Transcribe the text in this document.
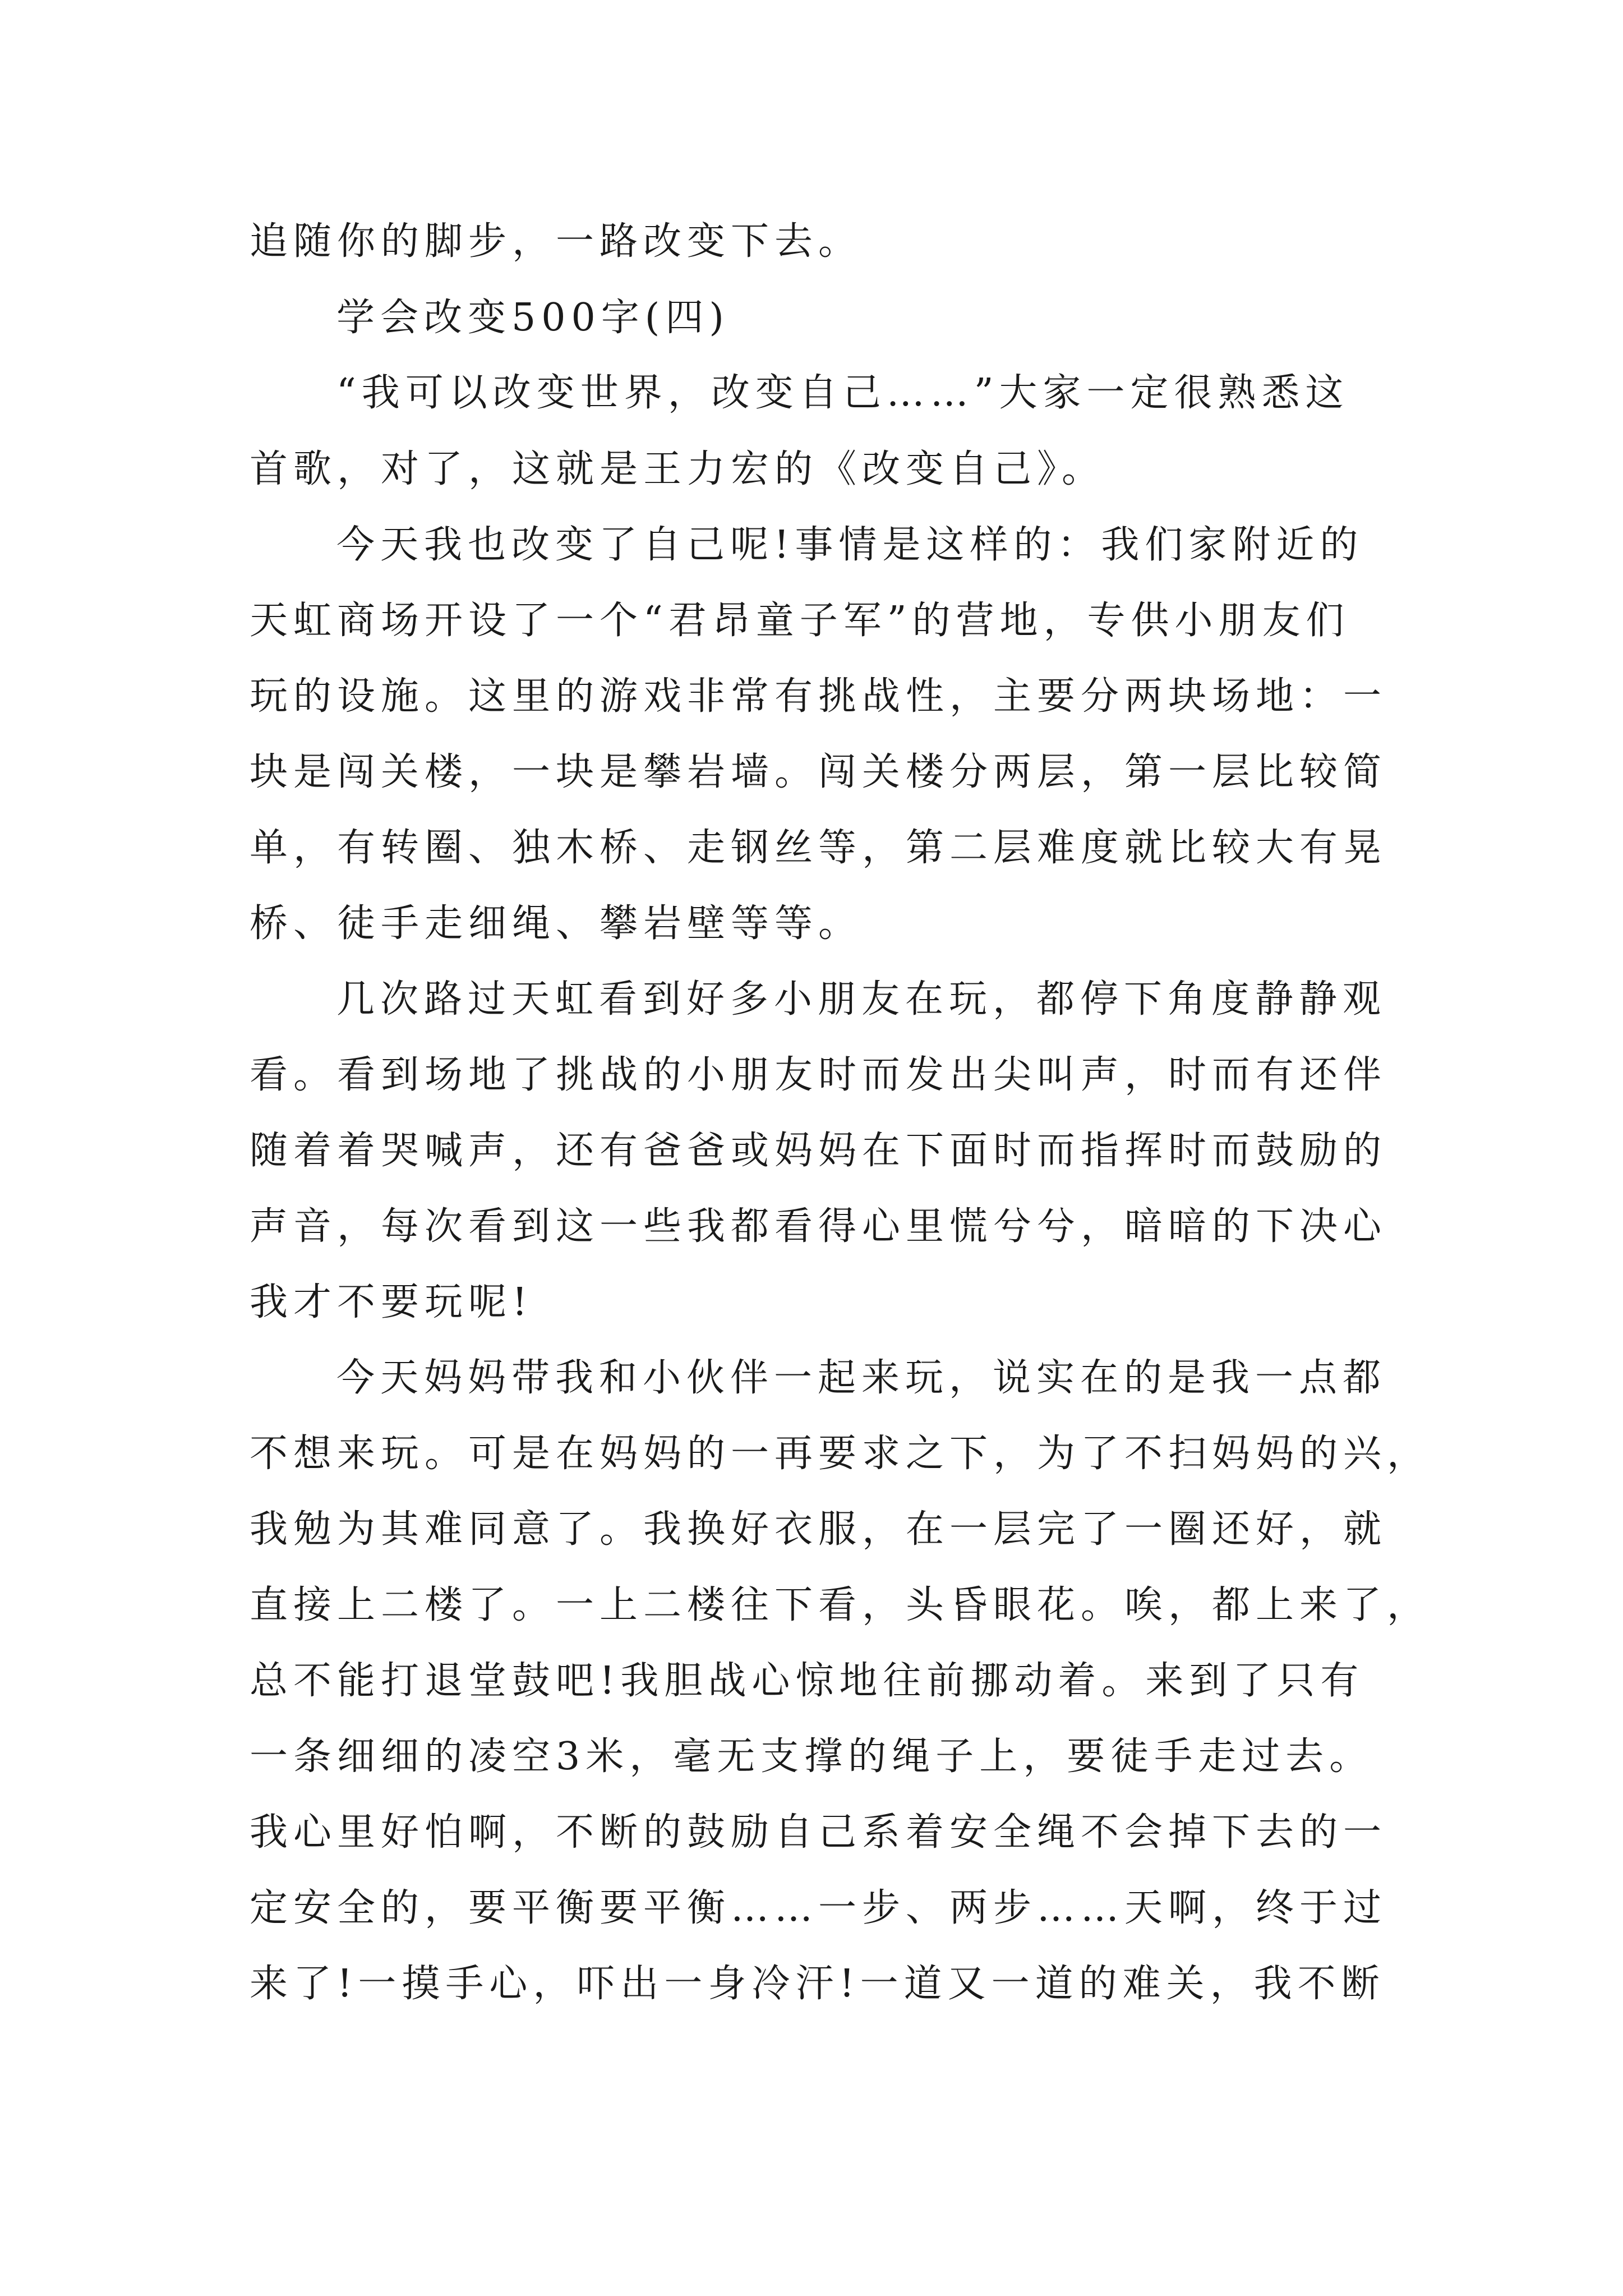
追随你的脚步，一路改变下去。
学会改变500字(四)
“我可以改变世界，改变自己……”大家一定很熟悉这
首歌，对了，这就是王力宏的《改变自己》。
今天我也改变了自己呢!事情是这样的：我们家附近的
天虹商场开设了一个“君昂童子军”的营地，专供小朋友们
玩的设施。这里的游戏非常有挑战性，主要分两块场地：一
块是闯关楼，一块是攀岩墙。闯关楼分两层，第一层比较简
单，有转圈、独木桥、走钢丝等，第二层难度就比较大有晃
桥、徒手走细绳、攀岩壁等等。
几次路过天虹看到好多小朋友在玩，都停下角度静静观
看。看到场地了挑战的小朋友时而发出尖叫声，时而有还伴
随着着哭喊声，还有爸爸或妈妈在下面时而指挥时而鼓励的
声音，每次看到这一些我都看得心里慌兮兮，暗暗的下决心
我才不要玩呢!
今天妈妈带我和小伙伴一起来玩，说实在的是我一点都
不想来玩。可是在妈妈的一再要求之下，为了不扫妈妈的兴，
我勉为其难同意了。我换好衣服，在一层完了一圈还好，就
直接上二楼了。一上二楼往下看，头昏眼花。唉，都上来了，
总不能打退堂鼓吧!我胆战心惊地往前挪动着。来到了只有
一条细细的凌空3米，毫无支撑的绳子上，要徒手走过去。
我心里好怕啊，不断的鼓励自己系着安全绳不会掉下去的一
定安全的，要平衡要平衡……一步、两步……天啊，终于过
来了!一摸手心，吓出一身冷汗!一道又一道的难关，我不断
